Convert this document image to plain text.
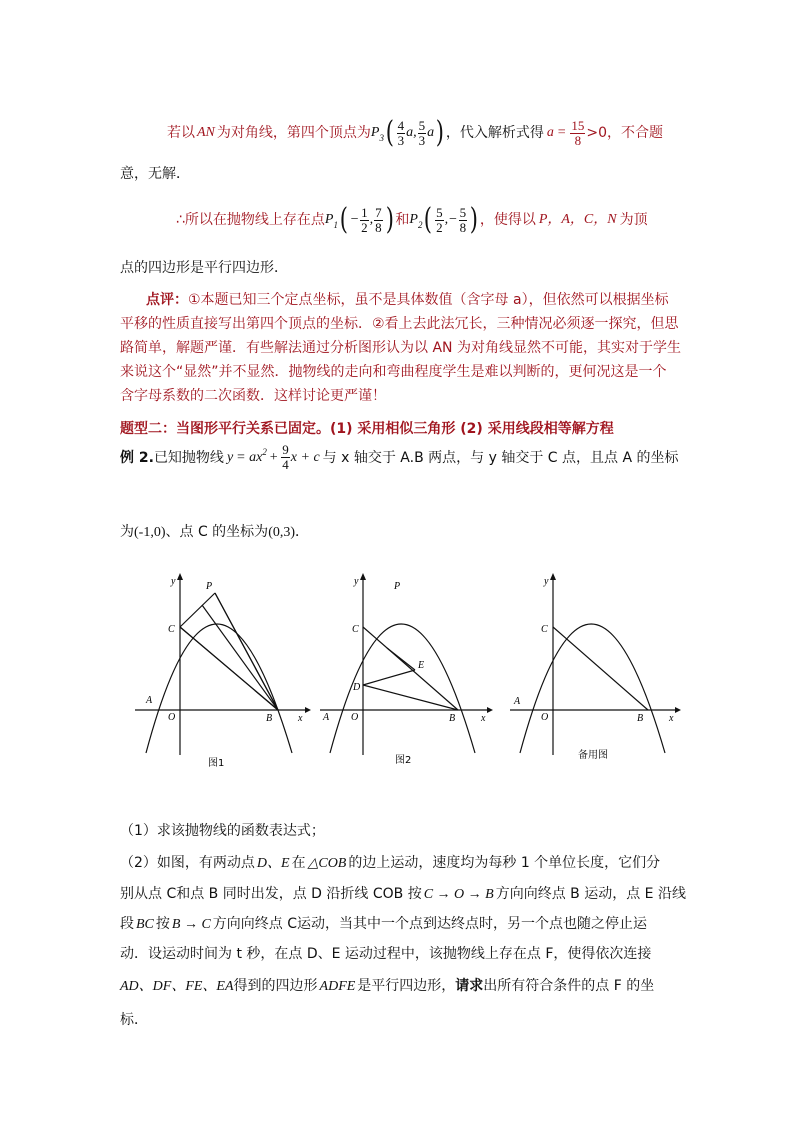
若以 AN 为对角线，第四个顶点为 $P_3$ ( $\frac{4}{3}$ a , $\frac{5}{3}$ a ) ，代入解析式得 $a = \frac{15}{8} >0$，不合题
意，无解．
∴所以在抛物线上存在点 $P_1$ ( − $\frac{1}{2}$ , $\frac{7}{8}$ ) 和 $P_2$ ( $\frac{5}{2}$ ,− $\frac{5}{8}$ ) ，使得以 P，A，C，N 为顶
点的四边形是平行四边形．
点评：①本题已知三个定点坐标，虽不是具体数值（含字母 a），但依然可以根据坐标
平移的性质直接写出第四个顶点的坐标．②看上去此法冗长，三种情况必须逐一探究，但思
路简单，解题严谨．有些解法通过分析图形认为以 AN 为对角线显然不可能，其实对于学生
来说这个“显然”并不显然．抛物线的走向和弯曲程度学生是难以判断的，更何况这是一个
含字母系数的二次函数．这样讨论更严谨！
题型二：当图形平行关系已固定。(1) 采用相似三角形 (2) 采用线段相等解方程
例 2. 已知抛物线 y = ax $2 + \frac{9}{4}$ x + c 与 x 轴交于 A.B 两点，与 y 轴交于 C 点，且点 A 的坐标
为(-1,0)、点 C 的坐标为(0,3)．
y
x
O
A
B
C
P
图1
y
x
O
A	B
C
P
D
E
图2
y
x
O
A
B
C
备用图
（1）求该抛物线的函数表达式；
（2）如图，有两动点 D、E 在 △COB 的边上运动，速度均为每秒 1 个单位长度，它们分
别从点 C和点 B 同时出发，点 D 沿折线 COB 按 C → O → B 方向向终点 B 运动，点 E 沿线
段 BC 按 B → C 方向向终点 C运动，当其中一个点到达终点时，另一个点也随之停止运
动．设运动时间为 t 秒，在点 D、E 运动过程中，该抛物线上存在点 F，使得依次连接
AD、DF、FE、EA得到的四边形 ADFE 是平行四边形，请求出所有符合条件的点 F 的坐
标．
